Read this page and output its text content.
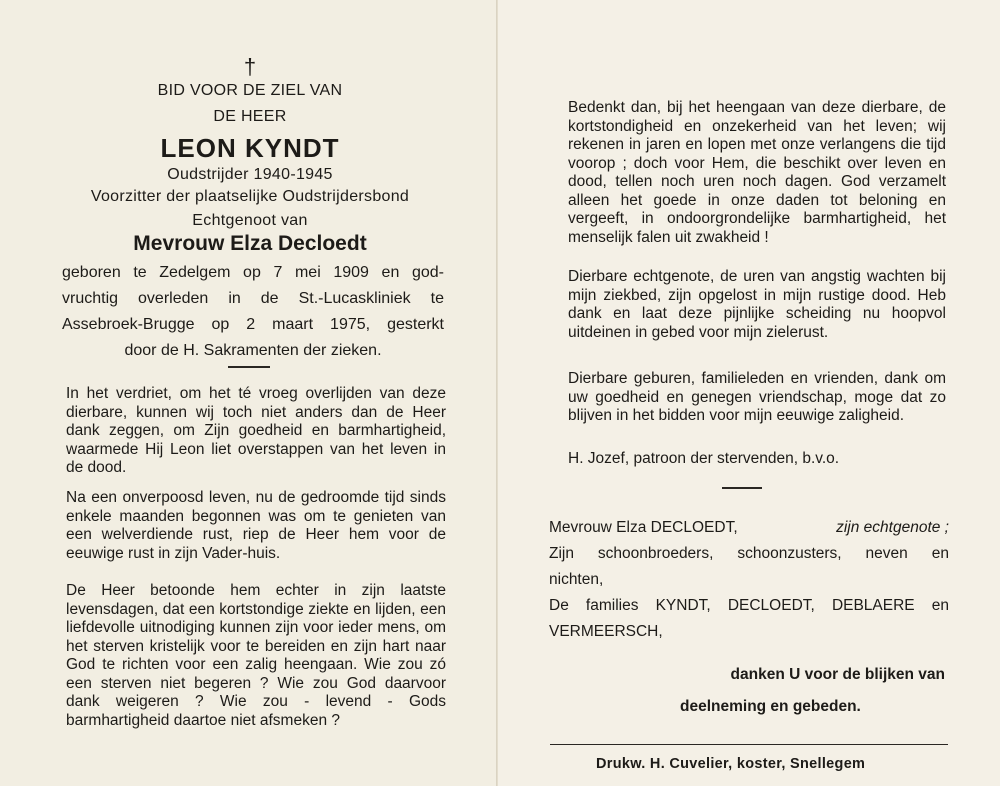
†
BID VOOR DE ZIEL VAN
DE HEER
LEON KYNDT
Oudstrijder 1940-1945
Voorzitter der plaatselijke Oudstrijdersbond
Echtgenoot van
Mevrouw Elza Decloedt
geboren te Zedelgem op 7 mei 1909 en god-
vruchtig overleden in de St.-Lucaskliniek te
Assebroek-Brugge op 2 maart 1975, gesterkt
door de H. Sakramenten der zieken.
In het verdriet, om het té vroeg overlijden van deze dierbare, kunnen wij toch niet anders dan de Heer dank zeggen, om Zijn goedheid en barmhartigheid, waarmede Hij Leon liet overstappen van het leven in de dood.
Na een onverpoosd leven, nu de gedroomde tijd sinds enkele maanden begonnen was om te genieten van een welverdiende rust, riep de Heer hem voor de eeuwige rust in zijn Vader-huis.
De Heer betoonde hem echter in zijn laatste levensdagen, dat een kortstondige ziekte en lijden, een liefdevolle uitnodiging kunnen zijn voor ieder mens, om het sterven kristelijk voor te bereiden en zijn hart naar God te richten voor een zalig heengaan. Wie zou zó een sterven niet begeren ? Wie zou God daarvoor dank weigeren ? Wie zou - levend - Gods barmhartigheid daartoe niet afsmeken ?
Bedenkt dan, bij het heengaan van deze dierbare, de kortstondigheid en onzekerheid van het leven; wij rekenen in jaren en lopen met onze verlangens die tijd voorop ; doch voor Hem, die beschikt over leven en dood, tellen noch uren noch dagen. God verzamelt alleen het goede in onze daden tot beloning en vergeeft, in ondoorgrondelijke barmhartigheid, het menselijk falen uit zwakheid !
Dierbare echtgenote, de uren van angstig wachten bij mijn ziekbed, zijn opgelost in mijn rustige dood. Heb dank en laat deze pijnlijke scheiding nu hoopvol uitdeinen in gebed voor mijn zielerust.
Dierbare geburen, familieleden en vrienden, dank om uw goedheid en genegen vriendschap, moge dat zo blijven in het bidden voor mijn eeuwige zaligheid.
H. Jozef, patroon der stervenden, b.v.o.
Mevrouw Elza DECLOEDT,	zijn echtgenote ;
Zijn schoonbroeders, schoonzusters, neven en
nichten,
De families KYNDT, DECLOEDT, DEBLAERE en
VERMEERSCH,
danken U voor de blijken van
deelneming en gebeden.
Drukw. H. Cuvelier, koster, Snellegem
